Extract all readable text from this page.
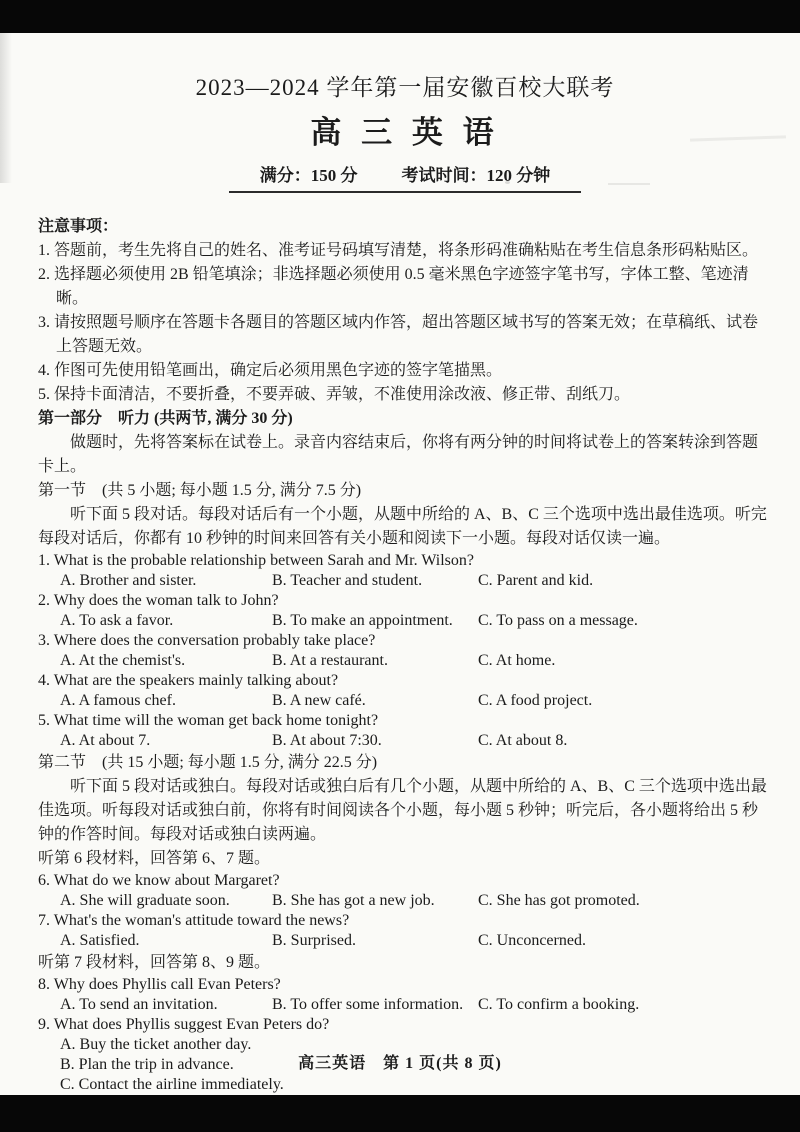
2023—2024 学年第一届安徽百校大联考
高 三 英 语
满分：150 分	考试时间：120 分钟
注意事项：
1. 答题前，考生先将自己的姓名、准考证号码填写清楚，将条形码准确粘贴在考生信息条形码粘贴区。
2. 选择题必须使用 2B 铅笔填涂；非选择题必须使用 0.5 毫米黑色字迹签字笔书写，字体工整、笔迹清晰。
3. 请按照题号顺序在答题卡各题目的答题区域内作答，超出答题区域书写的答案无效；在草稿纸、试卷上答题无效。
4. 作图可先使用铅笔画出，确定后必须用黑色字迹的签字笔描黑。
5. 保持卡面清洁，不要折叠，不要弄破、弄皱，不准使用涂改液、修正带、刮纸刀。
第一部分　听力 (共两节, 满分 30 分)
做题时，先将答案标在试卷上。录音内容结束后，你将有两分钟的时间将试卷上的答案转涂到答题卡上。
第一节　(共 5 小题; 每小题 1.5 分, 满分 7.5 分)
听下面 5 段对话。每段对话后有一个小题，从题中所给的 A、B、C 三个选项中选出最佳选项。听完每段对话后，你都有 10 秒钟的时间来回答有关小题和阅读下一小题。每段对话仅读一遍。
1. What is the probable relationship between Sarah and Mr. Wilson?
A. Brother and sister.	B. Teacher and student.	C. Parent and kid.
2. Why does the woman talk to John?
A. To ask a favor.	B. To make an appointment.	C. To pass on a message.
3. Where does the conversation probably take place?
A. At the chemist's.	B. At a restaurant.	C. At home.
4. What are the speakers mainly talking about?
A. A famous chef.	B. A new café.	C. A food project.
5. What time will the woman get back home tonight?
A. At about 7.	B. At about 7:30.	C. At about 8.
第二节　(共 15 小题; 每小题 1.5 分, 满分 22.5 分)
听下面 5 段对话或独白。每段对话或独白后有几个小题，从题中所给的 A、B、C 三个选项中选出最佳选项。听每段对话或独白前，你将有时间阅读各个小题，每小题 5 秒钟；听完后，各小题将给出 5 秒钟的作答时间。每段对话或独白读两遍。
听第 6 段材料，回答第 6、7 题。
6. What do we know about Margaret?
A. She will graduate soon.	B. She has got a new job.	C. She has got promoted.
7. What's the woman's attitude toward the news?
A. Satisfied.	B. Surprised.	C. Unconcerned.
听第 7 段材料，回答第 8、9 题。
8. Why does Phyllis call Evan Peters?
A. To send an invitation.	B. To offer some information. C. To confirm a booking.
9. What does Phyllis suggest Evan Peters do?
A. Buy the ticket another day.
B. Plan the trip in advance.
C. Contact the airline immediately.
高三英语　第 1 页(共 8 页)
